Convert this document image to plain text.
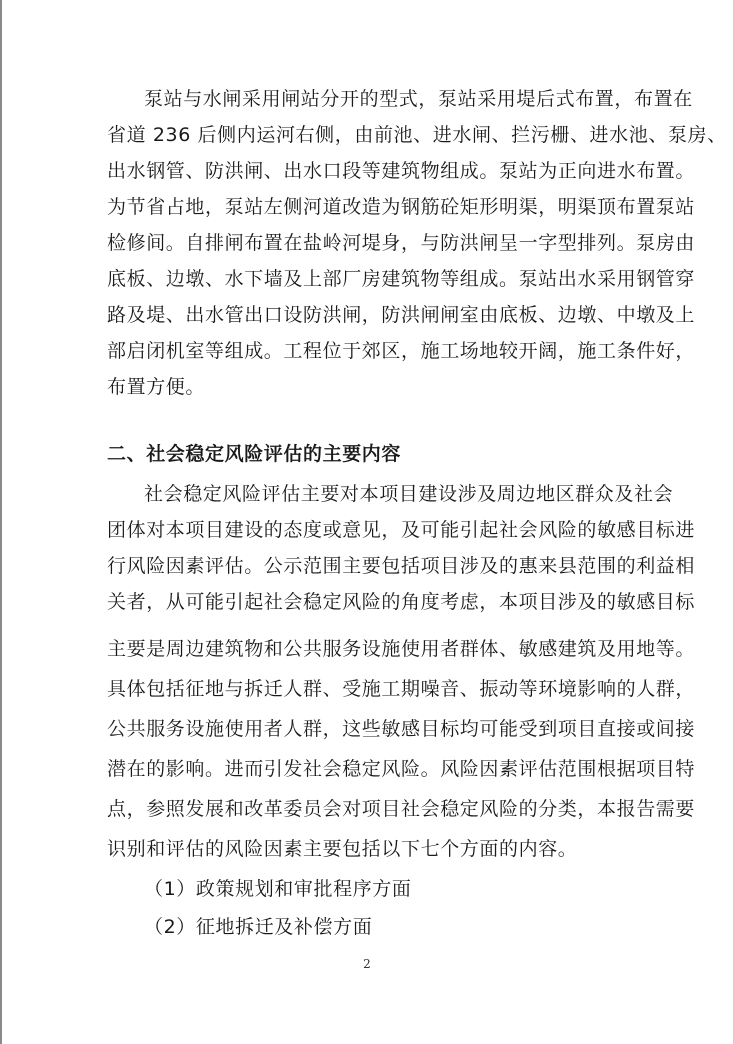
泵站与水闸采用闸站分开的型式，泵站采用堤后式布置，布置在
省道 236 后侧内运河右侧，由前池、进水闸、拦污栅、进水池、泵房、
出水钢管、防洪闸、出水口段等建筑物组成。泵站为正向进水布置。
为节省占地，泵站左侧河道改造为钢筋砼矩形明渠，明渠顶布置泵站
检修间。自排闸布置在盐岭河堤身，与防洪闸呈一字型排列。泵房由
底板、边墩、水下墙及上部厂房建筑物等组成。泵站出水采用钢管穿
路及堤、出水管出口设防洪闸，防洪闸闸室由底板、边墩、中墩及上
部启闭机室等组成。工程位于郊区，施工场地较开阔，施工条件好，
布置方便。
二、社会稳定风险评估的主要内容
社会稳定风险评估主要对本项目建设涉及周边地区群众及社会
团体对本项目建设的态度或意见，及可能引起社会风险的敏感目标进
行风险因素评估。公示范围主要包括项目涉及的惠来县范围的利益相
关者，从可能引起社会稳定风险的角度考虑，本项目涉及的敏感目标
主要是周边建筑物和公共服务设施使用者群体、敏感建筑及用地等。
具体包括征地与拆迁人群、受施工期噪音、振动等环境影响的人群，
公共服务设施使用者人群，这些敏感目标均可能受到项目直接或间接
潜在的影响。进而引发社会稳定风险。风险因素评估范围根据项目特
点，参照发展和改革委员会对项目社会稳定风险的分类，本报告需要
识别和评估的风险因素主要包括以下七个方面的内容。
（1）政策规划和审批程序方面
（2）征地拆迁及补偿方面
2
